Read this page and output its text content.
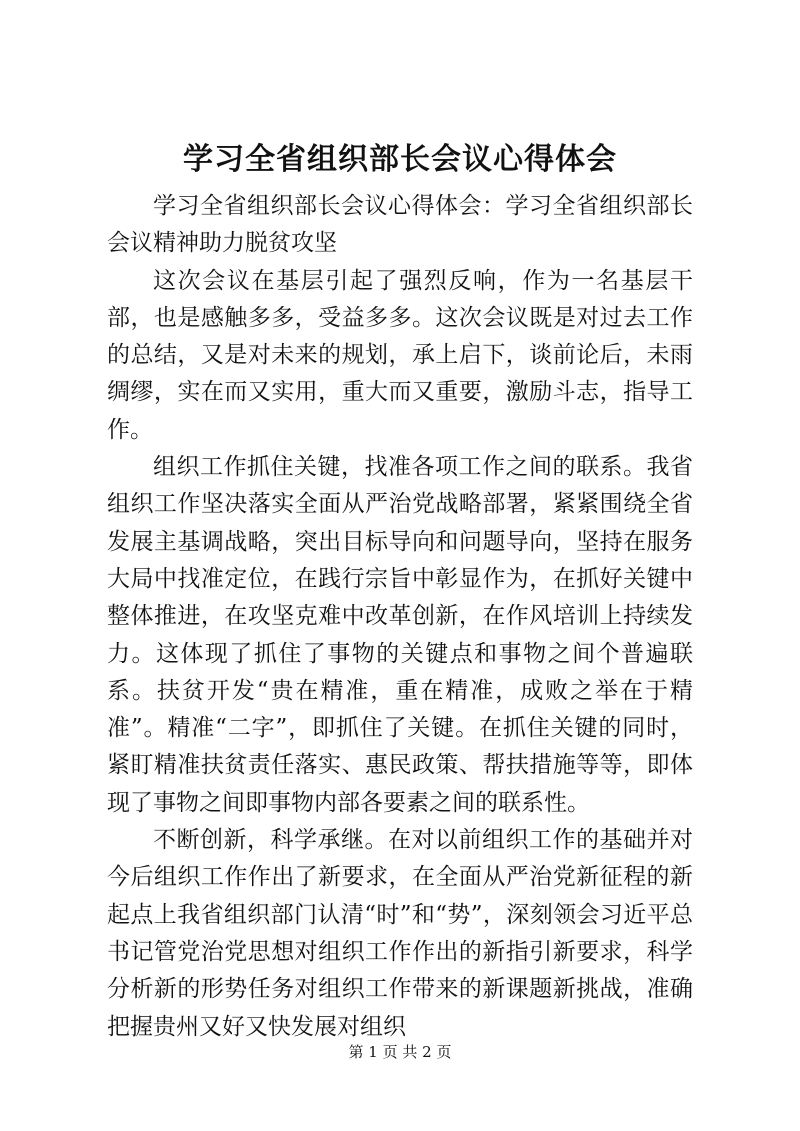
学习全省组织部长会议心得体会

学习全省组织部长会议心得体会：学习全省组织部长会议精神助力脱贫攻坚

这次会议在基层引起了强烈反响，作为一名基层干部，也是感触多多，受益多多。这次会议既是对过去工作的总结，又是对未来的规划，承上启下，谈前论后，未雨绸缪，实在而又实用，重大而又重要，激励斗志，指导工作。

组织工作抓住关键，找准各项工作之间的联系。我省组织工作坚决落实全面从严治党战略部署，紧紧围绕全省发展主基调战略，突出目标导向和问题导向，坚持在服务大局中找准定位，在践行宗旨中彰显作为，在抓好关键中整体推进，在攻坚克难中改革创新，在作风培训上持续发力。这体现了抓住了事物的关键点和事物之间个普遍联系。扶贫开发“贵在精准，重在精准，成败之举在于精准”。精准“二字”，即抓住了关键。在抓住关键的同时，紧盯精准扶贫责任落实、惠民政策、帮扶措施等等，即体现了事物之间即事物内部各要素之间的联系性。

不断创新，科学承继。在对以前组织工作的基础并对今后组织工作作出了新要求，在全面从严治党新征程的新起点上我省组织部门认清“时”和“势”，深刻领会习近平总书记管党治党思想对组织工作作出的新指引新要求，科学分析新的形势任务对组织工作带来的新课题新挑战，准确把握贵州又好又快发展对组织

第 1 页 共 2 页
